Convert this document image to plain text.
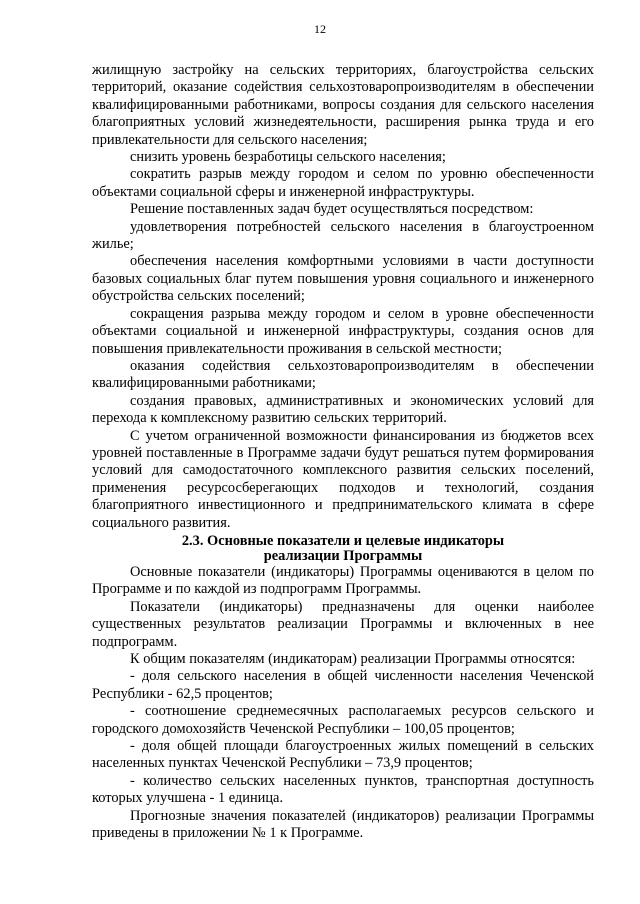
12

жилищную застройку на сельских территориях, благоустройства сельских территорий, оказание содействия сельхозтоваропроизводителям в обеспечении квалифицированными работниками, вопросы создания для сельского населения благоприятных условий жизнедеятельности, расширения рынка труда и его привлекательности для сельского населения;

снизить уровень безработицы сельского населения;

сократить разрыв между городом и селом по уровню обеспеченности объектами социальной сферы и инженерной инфраструктуры.

Решение поставленных задач будет осуществляться посредством:

удовлетворения потребностей сельского населения в благоустроенном жилье;

обеспечения населения комфортными условиями в части доступности базовых социальных благ путем повышения уровня социального и инженерного обустройства сельских поселений;

сокращения разрыва между городом и селом в уровне обеспеченности объектами социальной и инженерной инфраструктуры, создания основ для повышения привлекательности проживания в сельской местности;

оказания содействия сельхозтоваропроизводителям в обеспечении квалифицированными работниками;

создания правовых, административных и экономических условий для перехода к комплексному развитию сельских территорий.

С учетом ограниченной возможности финансирования из бюджетов всех уровней поставленные в Программе задачи будут решаться путем формирования условий для самодостаточного комплексного развития сельских поселений, применения ресурсосберегающих подходов и технологий, создания благоприятного инвестиционного и предпринимательского климата в сфере социального развития.

2.3. Основные показатели и целевые индикаторы
реализации Программы

Основные показатели (индикаторы) Программы оцениваются в целом по Программе и по каждой из подпрограмм Программы.

Показатели (индикаторы) предназначены для оценки наиболее существенных результатов реализации Программы и включенных в нее подпрограмм.

К общим показателям (индикаторам) реализации Программы относятся:

- доля сельского населения в общей численности населения Чеченской Республики - 62,5 процентов;

- соотношение среднемесячных располагаемых ресурсов сельского и городского домохозяйств Чеченской Республики – 100,05 процентов;

- доля общей площади благоустроенных жилых помещений в сельских населенных пунктах Чеченской Республики – 73,9 процентов;

- количество сельских населенных пунктов, транспортная доступность которых улучшена - 1 единица.

Прогнозные значения показателей (индикаторов) реализации Программы приведены в приложении № 1 к Программе.
